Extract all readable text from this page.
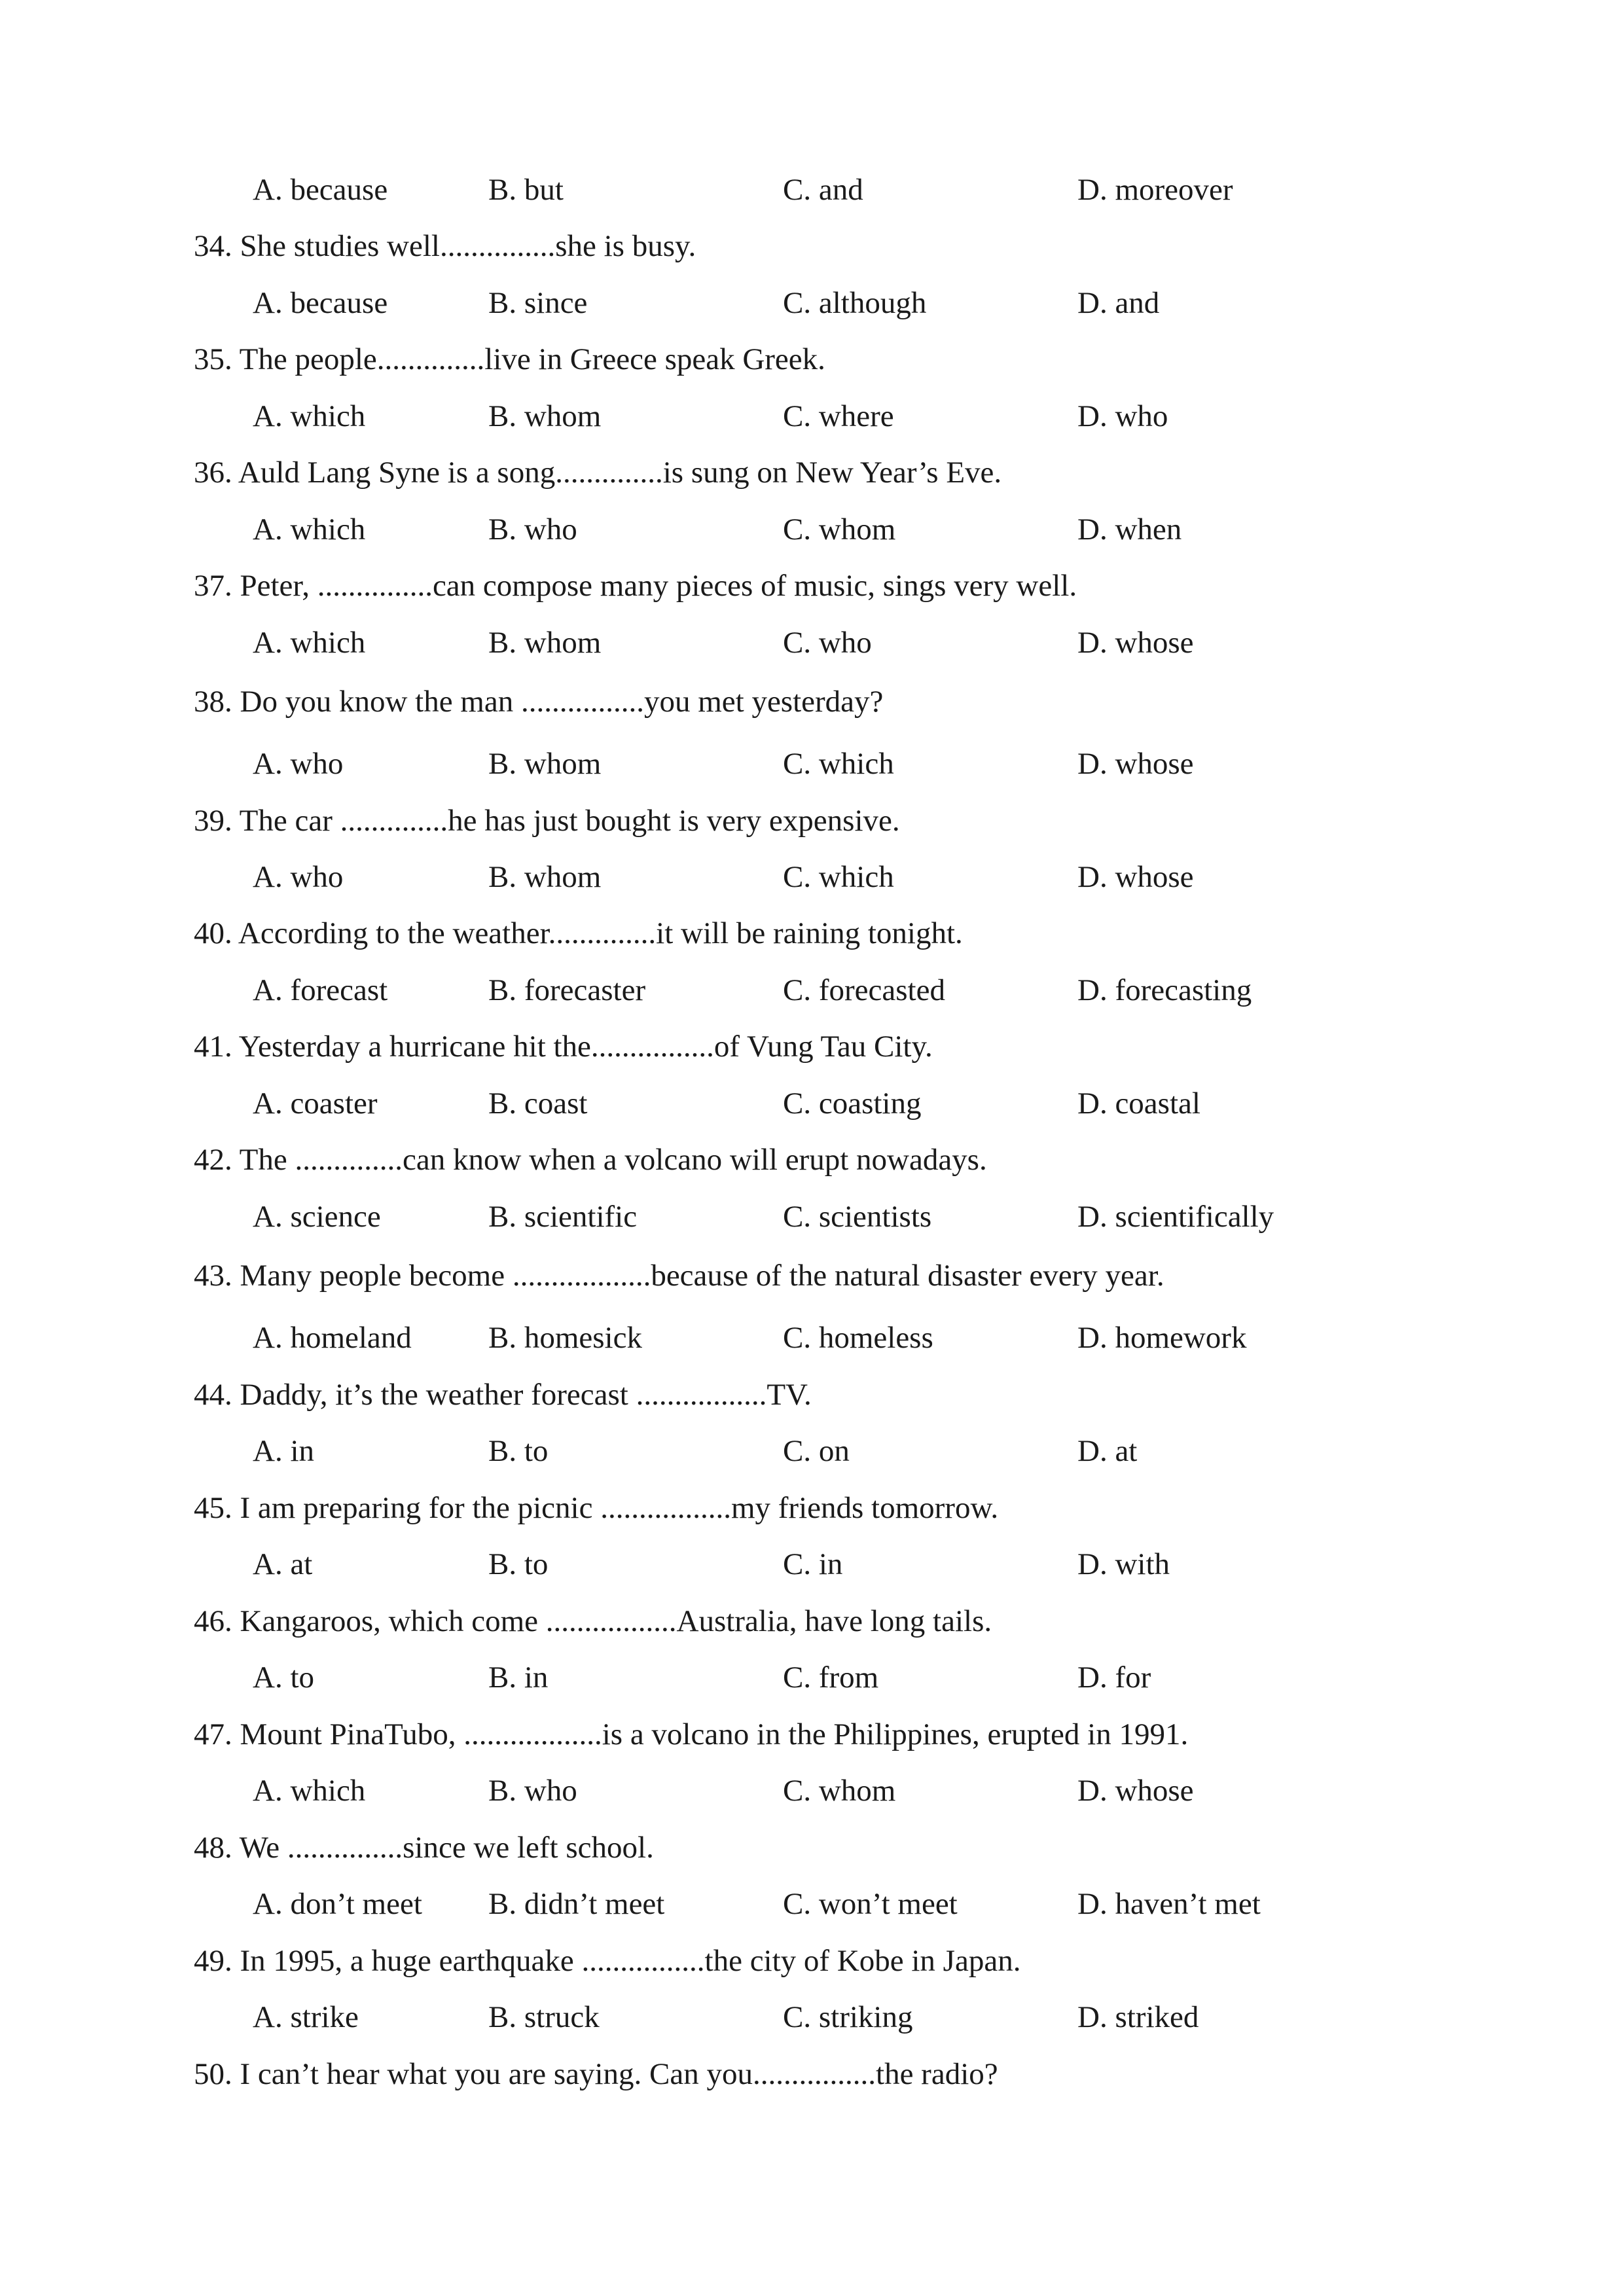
A. because	B. but	C. and	D. moreover
34. She studies well...............she is busy.
A. because	B. since	C. although	D. and
35. The people..............live in Greece speak Greek.
A. which	B. whom	C. where	D. who
36. Auld Lang Syne is a song..............is sung on New Year’s Eve.
A. which	B. who	C. whom	D. when
37. Peter, ...............can compose many pieces of music, sings very well.
A. which	B. whom	C. who	D. whose
38. Do you know the man ................you met yesterday?
A. who	B. whom	C. which	D. whose
39. The car ..............he has just bought is very expensive.
A. who	B. whom	C. which	D. whose
40. According to the weather..............it will be raining tonight.
A. forecast	B. forecaster	C. forecasted	D. forecasting
41. Yesterday a hurricane hit the................of Vung Tau City.
A. coaster	B. coast	C. coasting	D. coastal
42. The ..............can know when a volcano will erupt nowadays.
A. science	B. scientific	C. scientists	D. scientifically
43. Many people become ..................because of the natural disaster every year.
A. homeland B. homesick	C. homeless	D. homework
44. Daddy, it’s the weather forecast .................TV.
A. in	B. to	C. on	D. at
45. I am preparing for the picnic .................my friends tomorrow.
A. at	B. to	C. in	D. with
46. Kangaroos, which come .................Australia, have long tails.
A. to	B. in	C. from	D. for
47. Mount PinaTubo, ..................is a volcano in the Philippines, erupted in 1991.
A. which	B. who	C. whom	D. whose
48. We ...............since we left school.
A. don’t meet B. didn’t meet	C. won’t meet	D. haven’t met
49. In 1995, a huge earthquake ................the city of Kobe in Japan.
A. strike	B. struck	C. striking	D. striked
50. I can’t hear what you are saying. Can you................the radio?
